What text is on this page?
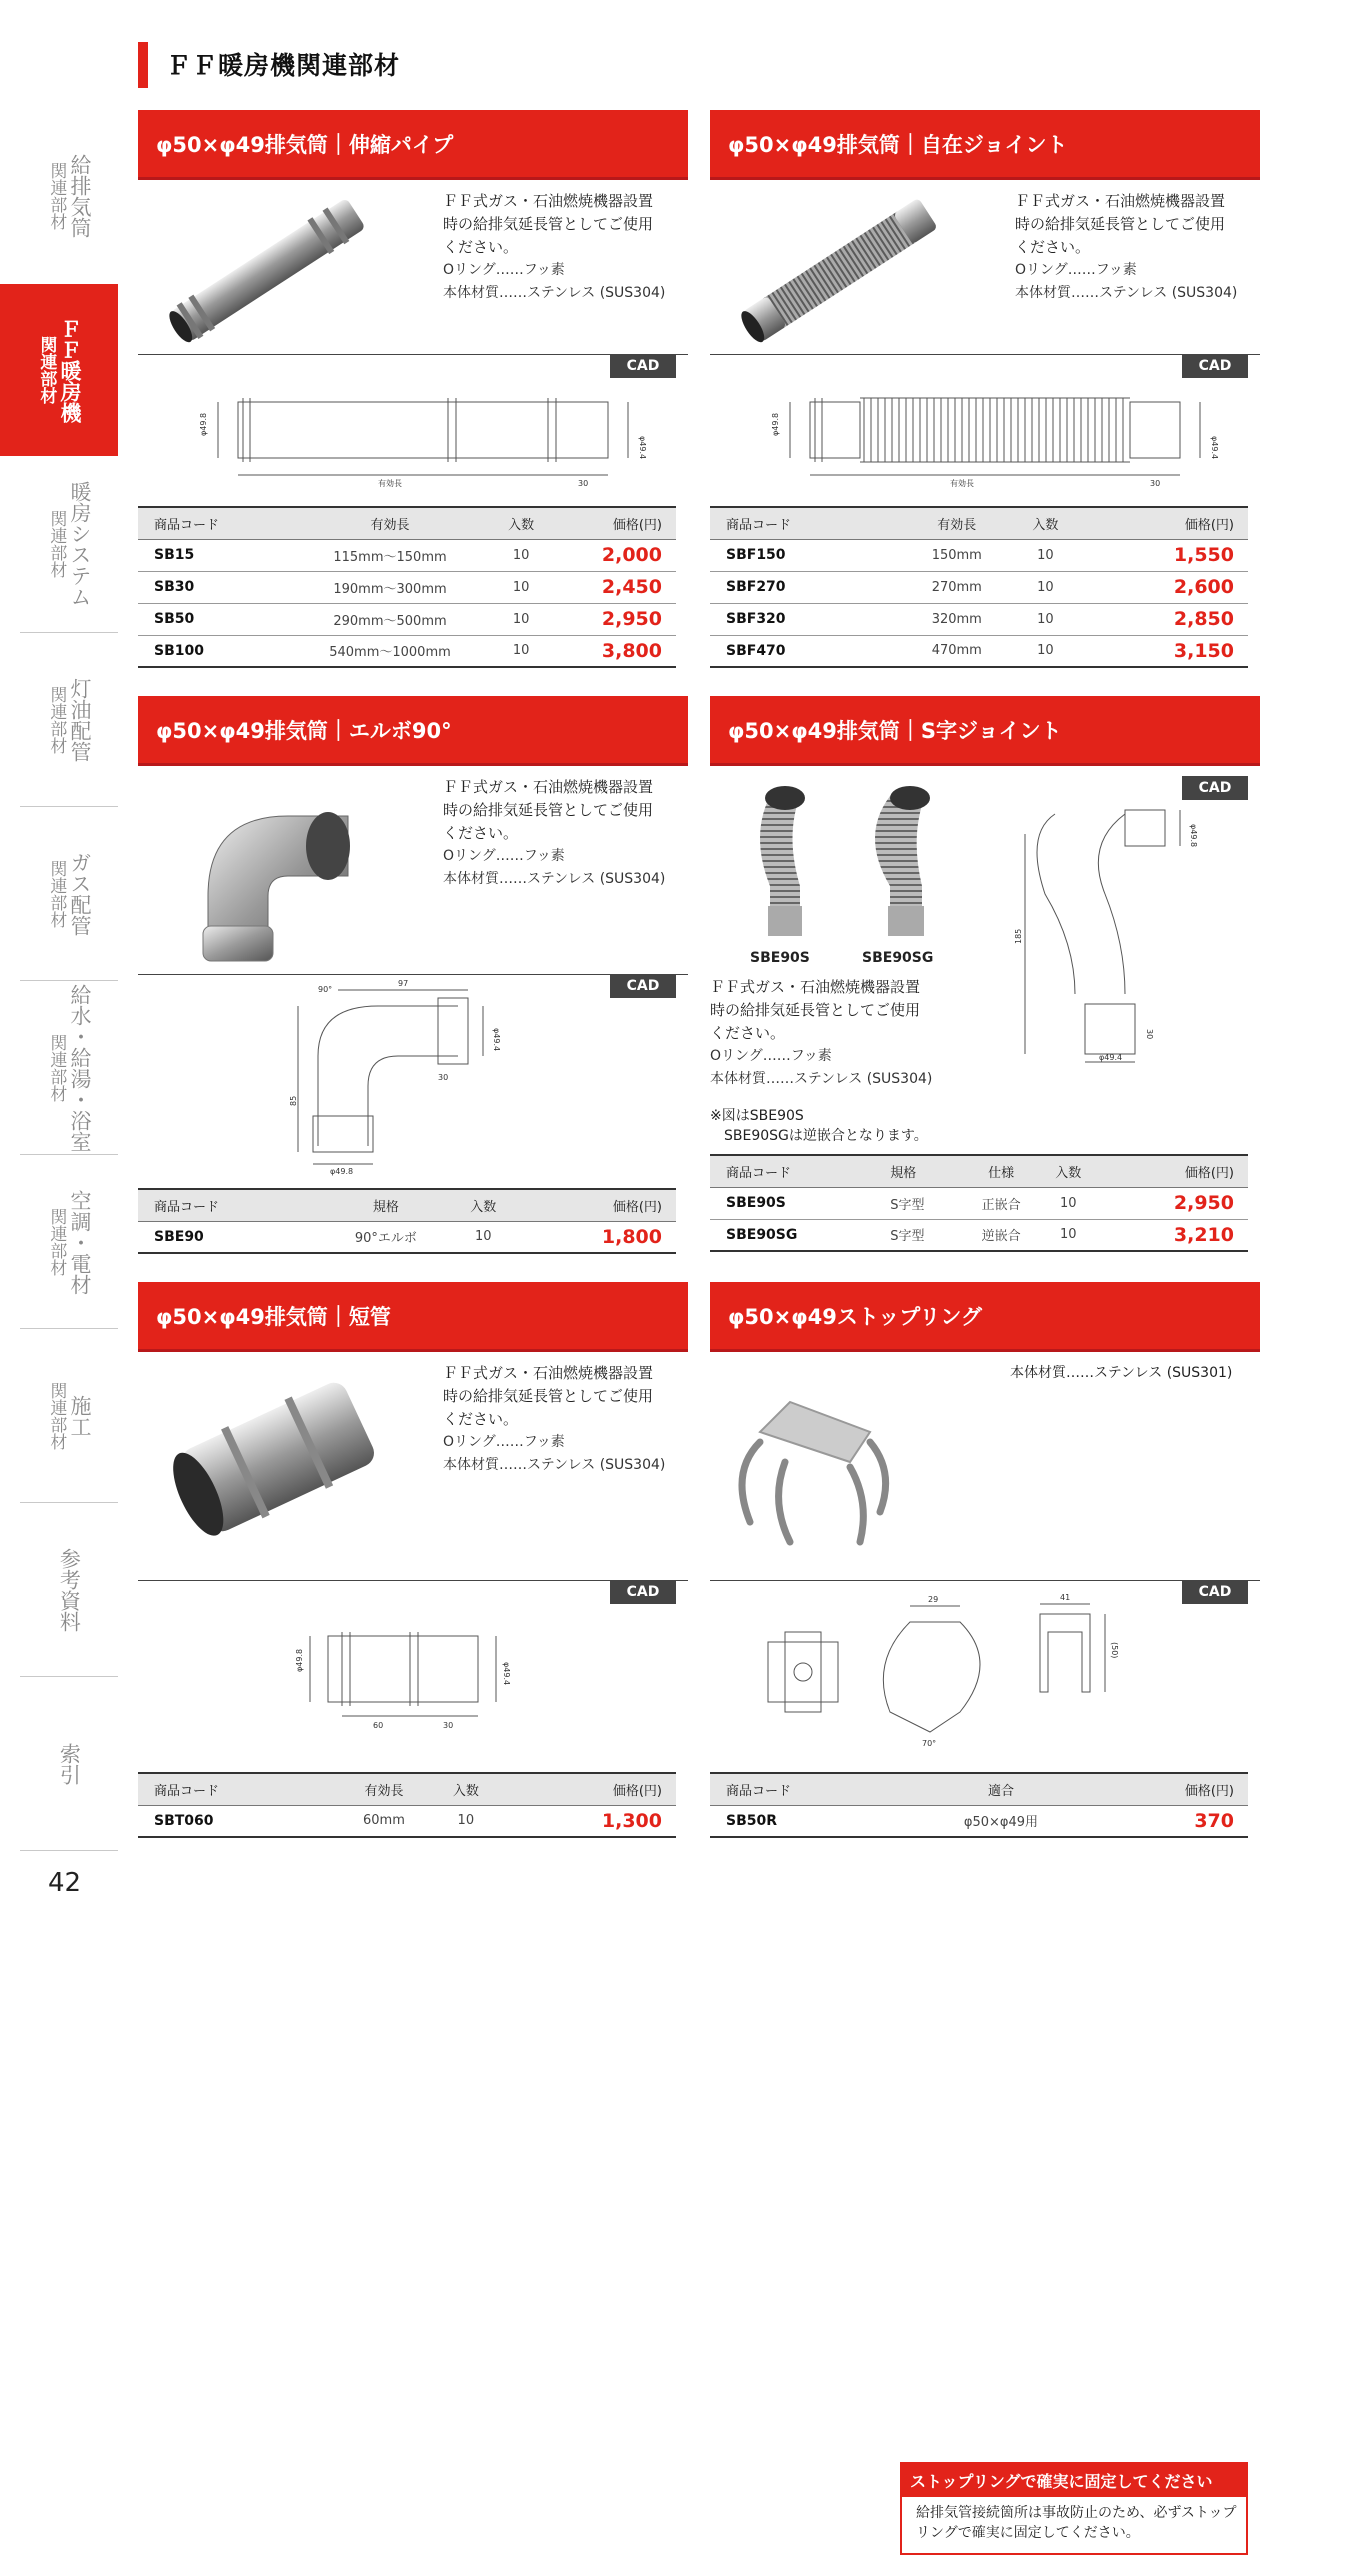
ＦＦ暖房機関連部材
関連部材 給排気筒
関連部材 ＦＦ暖房機
関連部材 暖房システム
関連部材 灯油配管
関連部材 ガス配管
関連部材 給水・給湯・浴室
関連部材 空調・電材
関連部材 施工
参考資料
索引
42
φ50×φ49排気筒｜伸縮パイプ
ＦＦ式ガス・石油燃焼機器設置
時の給排気延長管としてご使用
ください。
Oリング……フッ素
本体材質……ステンレス (SUS304)
CAD
φ49.8
φ49.4
有効長	30
商品コード	有効長	入数	価格(円)
SB15	115mm〜150mm	10	2,000
SB30	190mm〜300mm	10	2,450
SB50	290mm〜500mm	10	2,950
SB100	540mm〜1000mm	10	3,800
φ50×φ49排気筒｜自在ジョイント
ＦＦ式ガス・石油燃焼機器設置
時の給排気延長管としてご使用
ください。
Oリング……フッ素
本体材質……ステンレス (SUS304)
CAD
φ49.8
φ49.4
有効長	30
商品コード	有効長	入数	価格(円)
SBF150	150mm	10	1,550
SBF270	270mm	10	2,600
SBF320	320mm	10	2,850
SBF470	470mm	10	3,150
φ50×φ49排気筒｜エルボ90°
ＦＦ式ガス・石油燃焼機器設置
時の給排気延長管としてご使用
ください。
Oリング……フッ素
本体材質……ステンレス (SUS304)
CAD
97
85
90°
φ49.4
30
φ49.8
商品コード	規格	入数	価格(円)
SBE90	90°エルボ	10	1,800
φ50×φ49排気筒｜S字ジョイント
SBE90S	SBE90SG
CAD
185
φ49.8
30
φ49.4
ＦＦ式ガス・石油燃焼機器設置
時の給排気延長管としてご使用
ください。
Oリング……フッ素
本体材質……ステンレス (SUS304)
※図はSBE90S
SBE90SGは逆嵌合となります。
商品コード	規格	仕様	入数	価格(円)
SBE90S	S字型	正嵌合	10	2,950
SBE90SG	S字型	逆嵌合	10	3,210
φ50×φ49排気筒｜短管
ＦＦ式ガス・石油燃焼機器設置
時の給排気延長管としてご使用
ください。
Oリング……フッ素
本体材質……ステンレス (SUS304)
CAD
φ49.8
φ49.4
60	30
商品コード	有効長	入数	価格(円)
SBT060	60mm	10	1,300
φ50×φ49ストップリング
本体材質……ステンレス (SUS301)
ストップリングで確実に固定してください
給排気管接続箇所は事故防止のため、必ずストップリングで確実に固定してください。
CAD
29	41
(50)
70°
商品コード	適合	価格(円)
SB50R	φ50×φ49用	370
